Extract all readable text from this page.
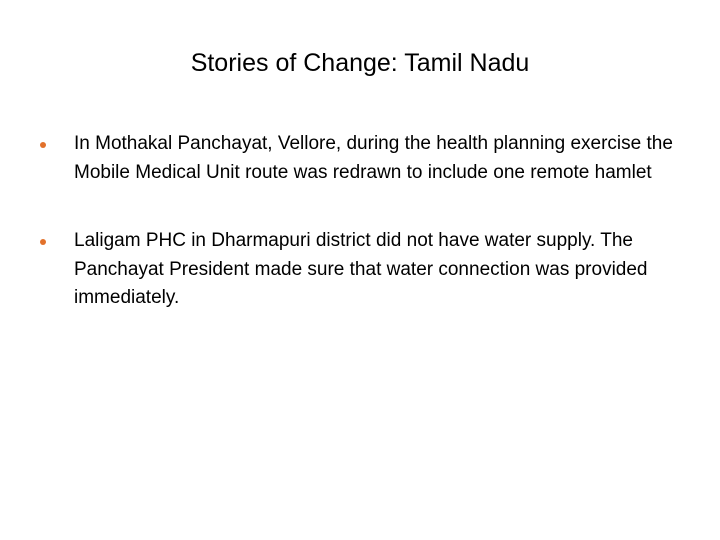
Stories of Change: Tamil Nadu
In Mothakal Panchayat, Vellore, during the health planning exercise the Mobile Medical Unit route was redrawn to include one remote hamlet
Laligam PHC in Dharmapuri district did not have water supply. The Panchayat President made sure that water connection was provided immediately.
